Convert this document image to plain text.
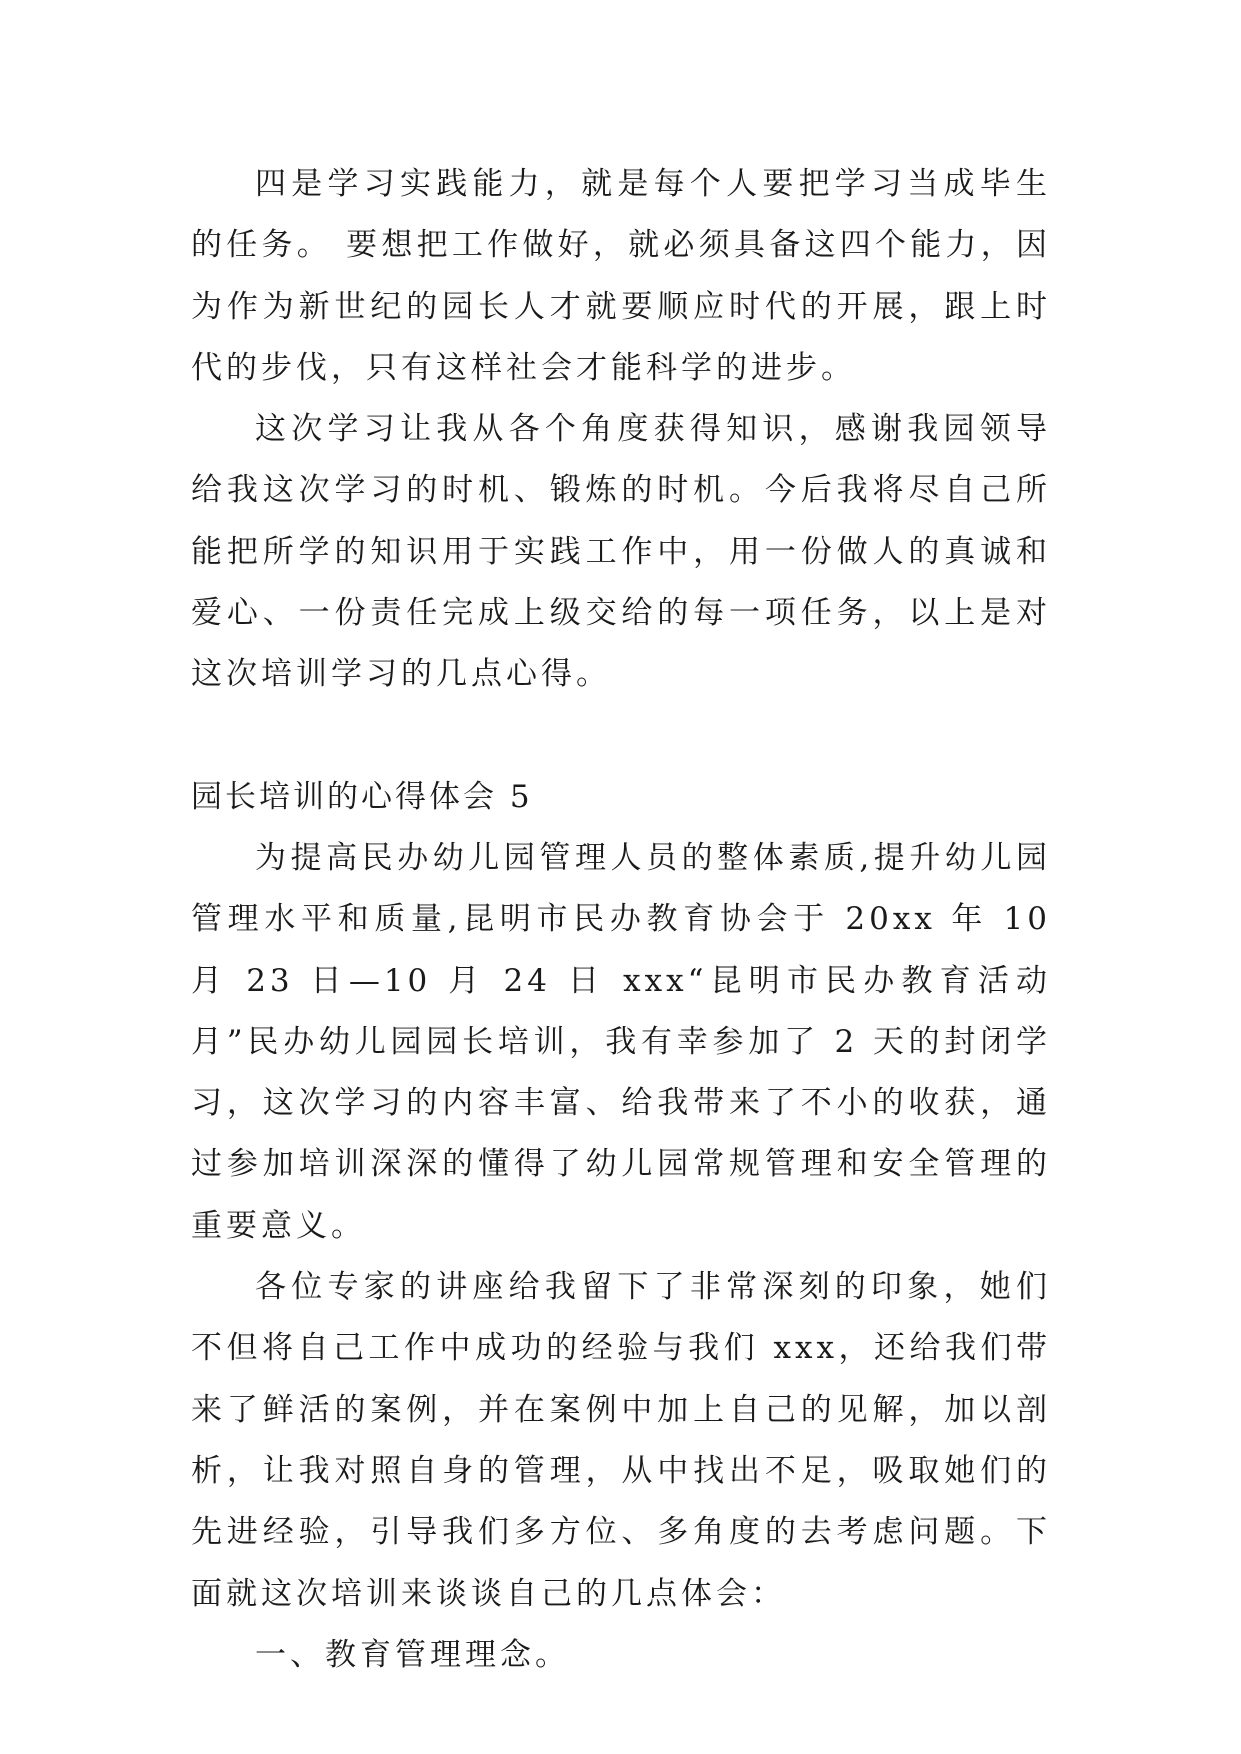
四是学习实践能力，就是每个人要把学习当成毕生的任务。 要想把工作做好，就必须具备这四个能力，因为作为新世纪的园长人才就要顺应时代的开展，跟上时代的步伐，只有这样社会才能科学的进步。

这次学习让我从各个角度获得知识，感谢我园领导给我这次学习的时机、锻炼的时机。今后我将尽自己所能把所学的知识用于实践工作中，用一份做人的真诚和爱心、一份责任完成上级交给的每一项任务，以上是对这次培训学习的几点心得。

园长培训的心得体会 5

为提高民办幼儿园管理人员的整体素质,提升幼儿园管理水平和质量,昆明市民办教育协会于 20xx 年 10 月 23 日—10 月 24 日 xxx“昆明市民办教育活动月”民办幼儿园园长培训，我有幸参加了 2 天的封闭学习，这次学习的内容丰富、给我带来了不小的收获，通过参加培训深深的懂得了幼儿园常规管理和安全管理的重要意义。

各位专家的讲座给我留下了非常深刻的印象，她们不但将自己工作中成功的经验与我们 xxx，还给我们带来了鲜活的案例，并在案例中加上自己的见解，加以剖析，让我对照自身的管理，从中找出不足，吸取她们的先进经验，引导我们多方位、多角度的去考虑问题。下面就这次培训来谈谈自己的几点体会：

一、教育管理理念。
